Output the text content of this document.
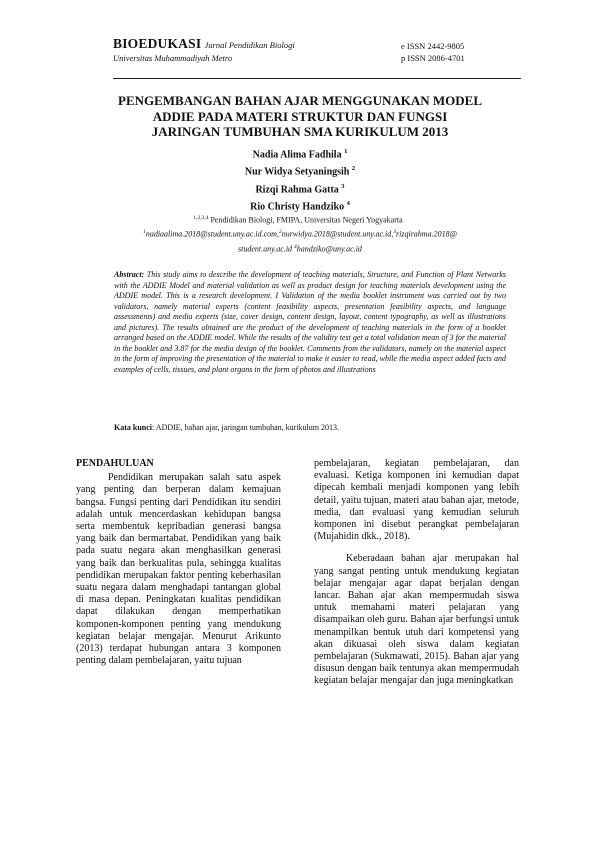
BIOEDUKASI Jurnal Pendidikan Biologi
Universitas Muhammadiyah Metro
e ISSN 2442-9805
p ISSN 2086-4701
PENGEMBANGAN BAHAN AJAR MENGGUNAKAN MODEL
ADDIE PADA MATERI STRUKTUR DAN FUNGSI
JARINGAN TUMBUHAN SMA KURIKULUM 2013
Nadia Alima Fadhila $^1$
Nur Widya Setyaningsih $^2$
Rizqi Rahma Gatta $^3$
Rio Christy Handziko $^4$
$^{1,2,3,4}$ Pendidikan Biologi, FMIPA, Universitas Negeri Yogyakarta
$^1$nadiaalima.2018@student.uny.ac.id.com,$^2$nurwidya.2018@student.uny.ac.id,$^3$rizqirahma.2018@
student.uny.ac.id $^4$handziko@uny.ac.id
Abstract: This study aims to describe the development of teaching materials, Structure, and Function of Plant Networks with the ADDIE Model and material validation as well as product design for teaching materials development using the ADDIE model. This is a research development. I Validation of the media booklet instrument was carried out by two validators, namely material experts (content feasibility aspects, presentation feasibility aspects, and language assessments) and media experts (size, cover design, content design, layout, content typography, as well as illustrations and pictures). The results obtained are the product of the development of teaching materials in the form of a booklet arranged based on the ADDIE model. While the results of the validity test get a total validation mean of 3 for the material in the booklet and 3.87 for the media design of the booklet. Comments from the validators, namely on the material aspect in the form of improving the presentation of the material to make it easier to read, while the media aspect added facts and examples of cells, tissues, and plant organs in the form of photos and illustrations
Kata kunci: ADDIE, bahan ajar, jaringan tumbuhan, kurikulum 2013.
PENDAHULUAN

Pendidikan merupakan salah satu aspek yang penting dan berperan dalam kemajuan bangsa. Fungsi penting dari Pendidikan itu sendiri adalah untuk mencerdaskan kehidupan bangsa serta membentuk kepribadian generasi bangsa yang baik dan bermartabat. Pendidikan yang baik pada suatu negara akan menghasilkan generasi yang baik dan berkualitas pula, sehingga kualitas pendidikan merupakan faktor penting keberhasilan suatu negara dalam menghadapi tantangan global di masa depan. Peningkatan kualitas pendidikan dapat dilakukan dengan memperhatikan komponen-komponen penting yang mendukung kegiatan belajar mengajar. Menurut Arikunto (2013) terdapat hubungan antara 3 komponen penting dalam pembelajaran, yaitu tujuan

pembelajaran, kegiatan pembelajaran, dan evaluasi. Ketiga komponen ini kemudian dapat dipecah kembali menjadi komponen yang lebih detail, yaitu tujuan, materi atau bahan ajar, metode, media, dan evaluasi yang kemudian seluruh komponen ini disebut perangkat pembelajaran (Mujahidin dkk., 2018).

Keberadaan bahan ajar merupakan hal yang sangat penting untuk mendukung kegiatan belajar mengajar agar dapat berjalan dengan lancar. Bahan ajar akan mempermudah siswa untuk memahami materi pelajaran yang disampaikan oleh guru. Bahan ajar berfungsi untuk menampilkan bentuk utuh dari kompetensi yang akan dikuasai oleh siswa dalam kegiatan pembelajaran (Sukmawati, 2015). Bahan ajar yang disusun dengan baik tentunya akan mempermudah kegiatan belajar mengajar dan juga meningkatkan
